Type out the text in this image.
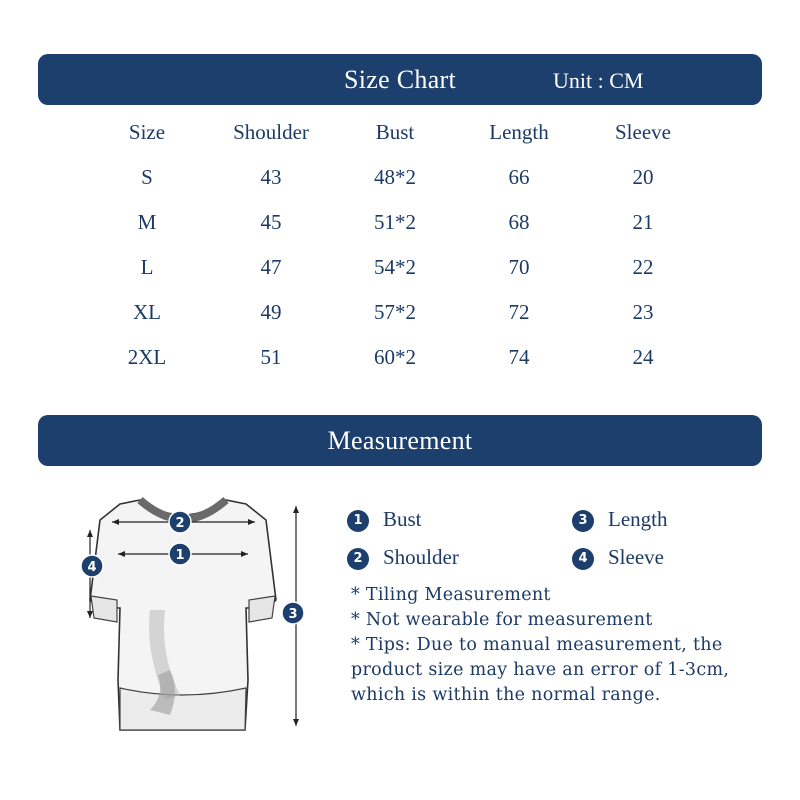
Size Chart	Unit : CM
Size	Shoulder	Bust	Length	Sleeve
S	43	48*2	66	20
M	45	51*2	68	21
L	47	54*2	70	22
XL	49	57*2	72	23
2XL	51	60*2	74	24
Measurement
2
1
4
3
1 Bust	3 Length
2 Shoulder	4 Sleeve

* Tiling Measurement

* Not wearable for measurement

* Tips: Due to manual measurement, the product size may have an error of 1-3cm, which is within the normal range.
